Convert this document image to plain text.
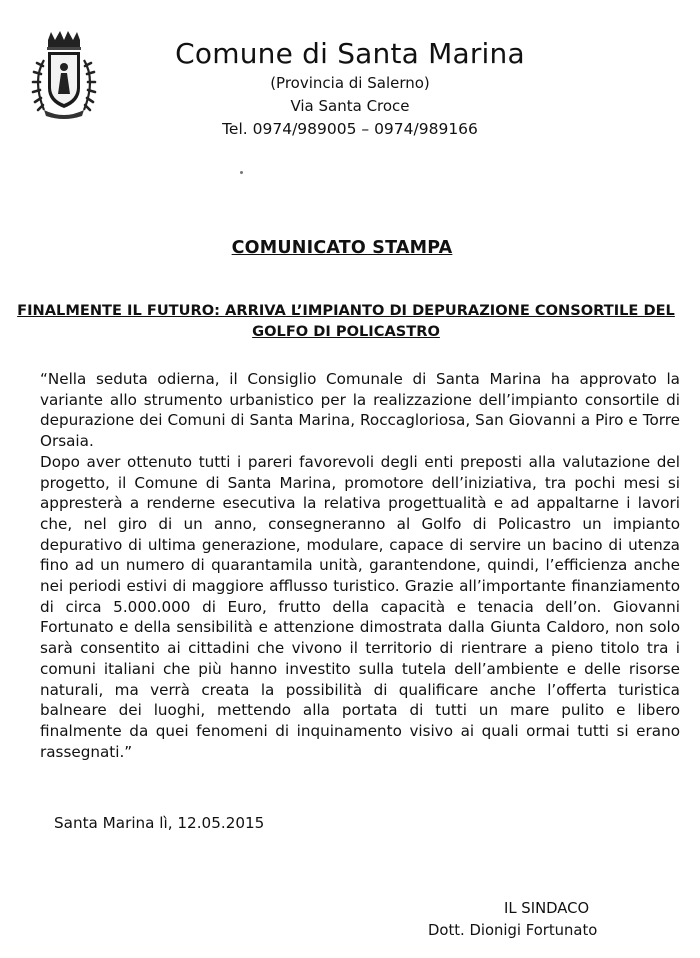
Comune di Santa Marina
(Provincia di Salerno)
Via Santa Croce
Tel. 0974/989005 – 0974/989166
COMUNICATO STAMPA
FINALMENTE IL FUTURO: ARRIVA L’IMPIANTO DI DEPURAZIONE CONSORTILE DEL GOLFO DI POLICASTRO

“Nella seduta odierna, il Consiglio Comunale di Santa Marina ha approvato la variante allo strumento urbanistico per la realizzazione dell’impianto consortile di depurazione dei Comuni di Santa Marina, Roccagloriosa, San Giovanni a Piro e Torre Orsaia.

Dopo aver ottenuto tutti i pareri favorevoli degli enti preposti alla valutazione del progetto, il Comune di Santa Marina, promotore dell’iniziativa, tra pochi mesi si appresterà a renderne esecutiva la relativa progettualità e ad appaltarne i lavori che, nel giro di un anno, consegneranno al Golfo di Policastro un impianto depurativo di ultima generazione, modulare, capace di servire un bacino di utenza fino ad un numero di quarantamila unità, garantendone, quindi, l’efficienza anche nei periodi estivi di maggiore afflusso turistico. Grazie all’importante finanziamento di circa 5.000.000 di Euro, frutto della capacità e tenacia dell’on. Giovanni Fortunato e della sensibilità e attenzione dimostrata dalla Giunta Caldoro, non solo sarà consentito ai cittadini che vivono il territorio di rientrare a pieno titolo tra i comuni italiani che più hanno investito sulla tutela dell’ambiente e delle risorse naturali, ma verrà creata la possibilità di qualificare anche l’offerta turistica balneare dei luoghi, mettendo alla portata di tutti un mare pulito e libero finalmente da quei fenomeni di inquinamento visivo ai quali ormai tutti si erano rassegnati.”

Santa Marina lì, 12.05.2015
IL SINDACO
Dott. Dionigi Fortunato
